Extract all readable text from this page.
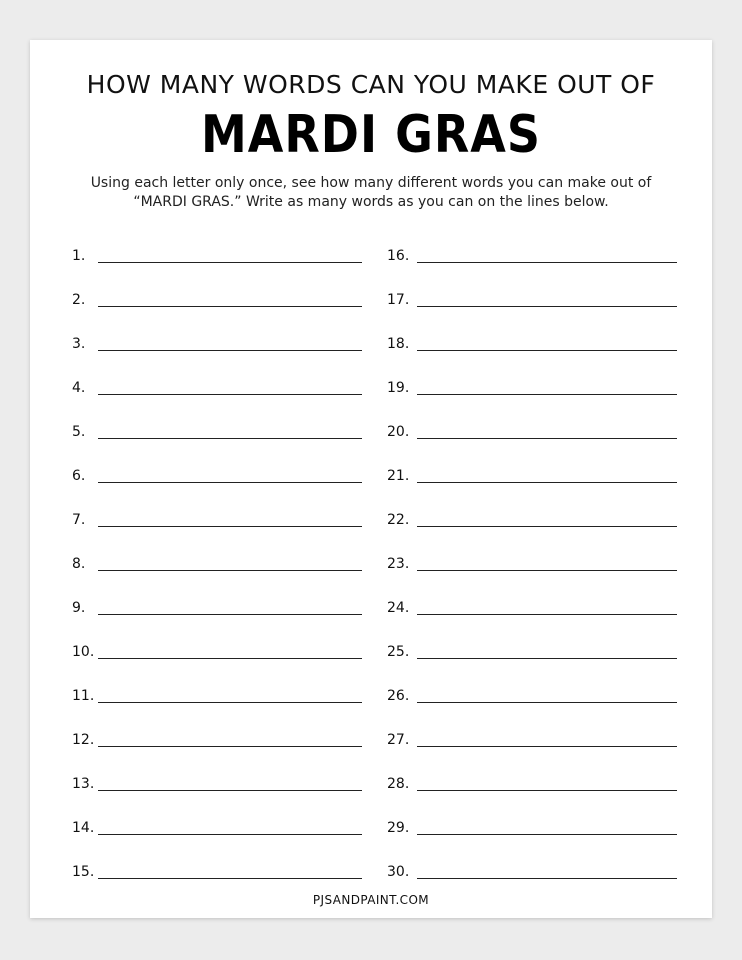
HOW MANY WORDS CAN YOU MAKE OUT OF
MARDI GRAS
Using each letter only once, see how many different words you can make out of
“MARDI GRAS.” Write as many words as you can on the lines below.
1.
2.
3.
4.
5.
6.
7.
8.
9.
10.
11.
12.
13.
14.
15.
16.
17.
18.
19.
20.
21.
22.
23.
24.
25.
26.
27.
28.
29.
30.
PJSANDPAINT.COM
